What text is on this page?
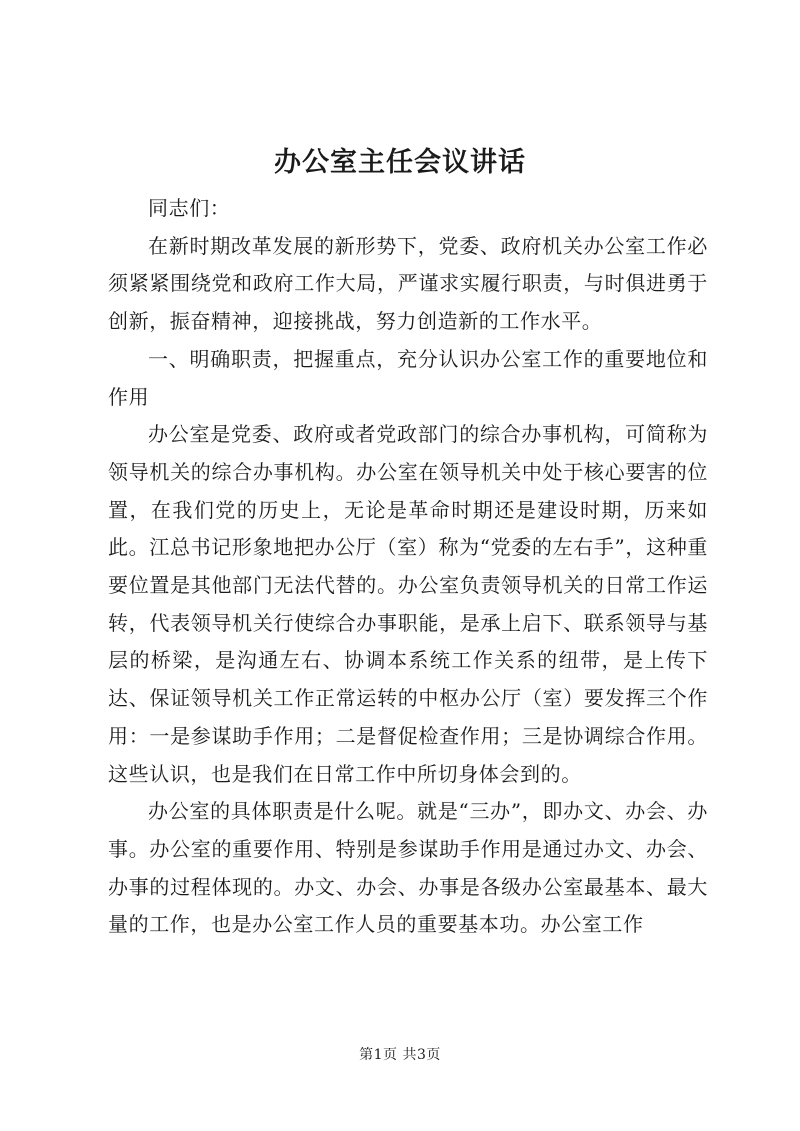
办公室主任会议讲话

同志们：

在新时期改革发展的新形势下，党委、政府机关办公室工作必须紧紧围绕党和政府工作大局，严谨求实履行职责，与时俱进勇于创新，振奋精神，迎接挑战，努力创造新的工作水平。

一、明确职责，把握重点，充分认识办公室工作的重要地位和作用

办公室是党委、政府或者党政部门的综合办事机构，可简称为领导机关的综合办事机构。办公室在领导机关中处于核心要害的位置，在我们党的历史上，无论是革命时期还是建设时期，历来如此。江总书记形象地把办公厅（室）称为“党委的左右手”，这种重要位置是其他部门无法代替的。办公室负责领导机关的日常工作运转，代表领导机关行使综合办事职能，是承上启下、联系领导与基层的桥梁，是沟通左右、协调本系统工作关系的纽带，是上传下达、保证领导机关工作正常运转的中枢办公厅（室）要发挥三个作用：一是参谋助手作用；二是督促检查作用；三是协调综合作用。这些认识，也是我们在日常工作中所切身体会到的。

办公室的具体职责是什么呢。就是“三办”，即办文、办会、办事。办公室的重要作用、特别是参谋助手作用是通过办文、办会、办事的过程体现的。办文、办会、办事是各级办公室最基本、最大量的工作，也是办公室工作人员的重要基本功。办公室工作

第1页 共3页
